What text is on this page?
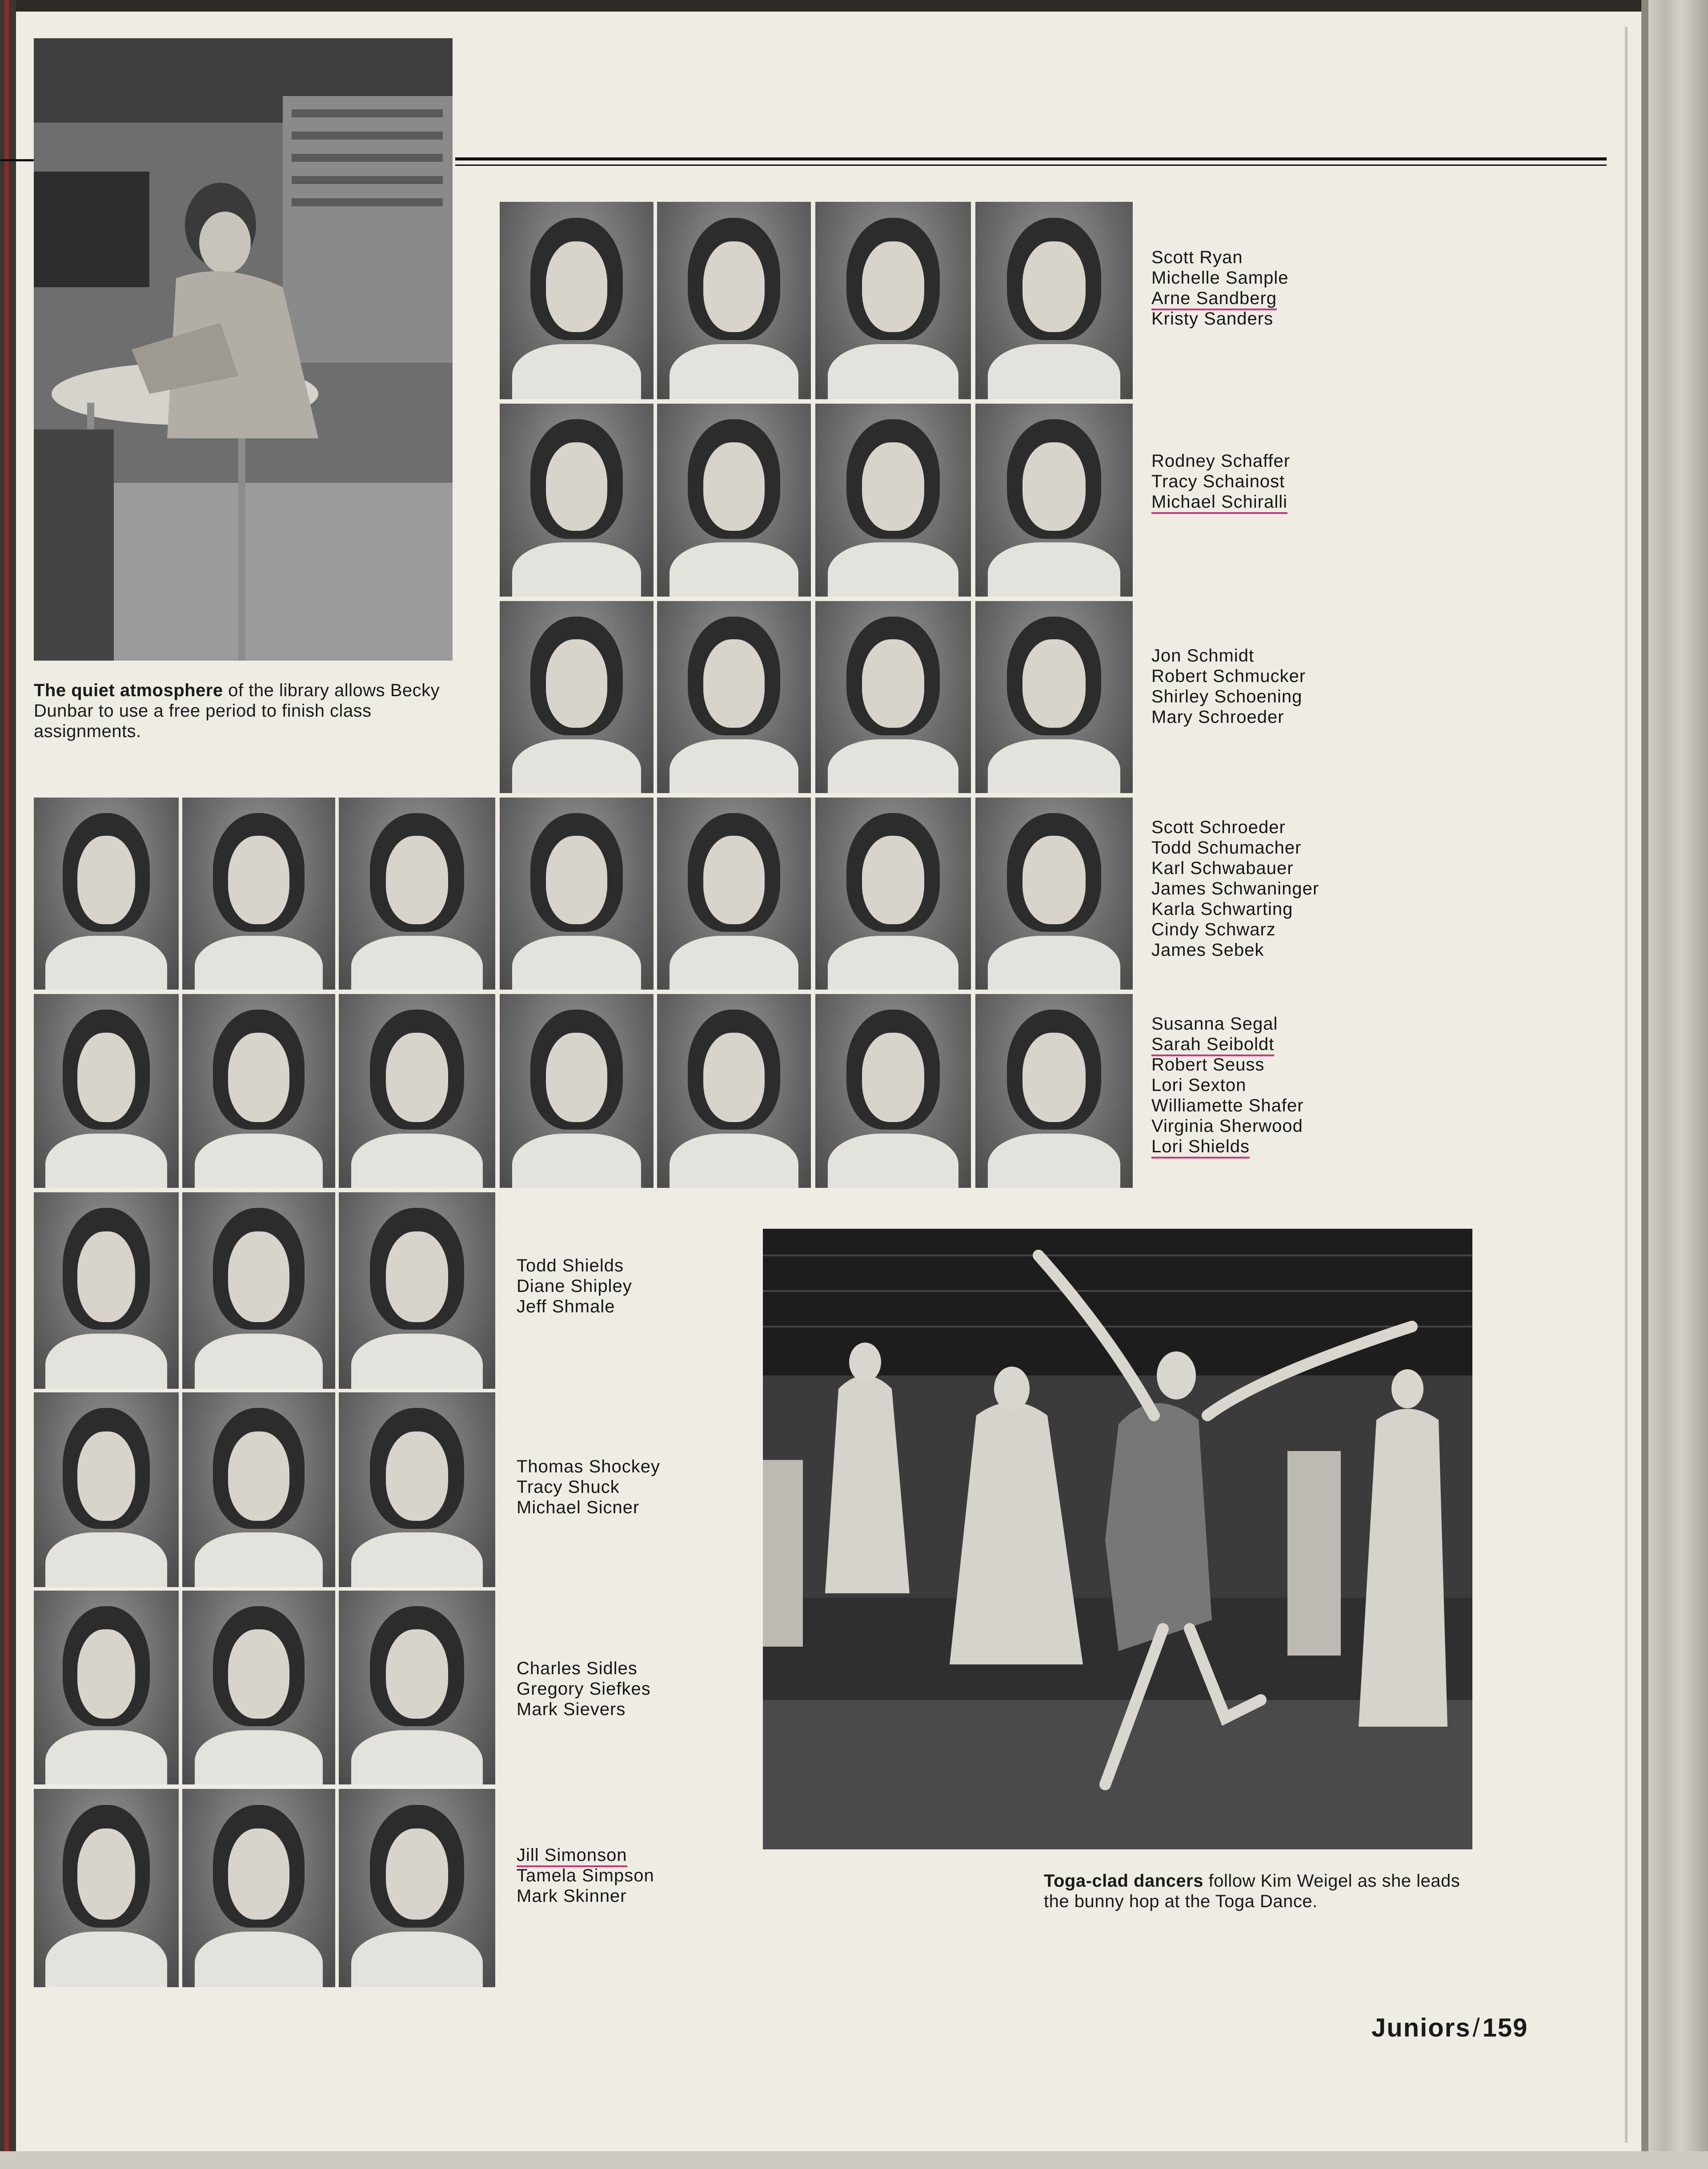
The quiet atmosphere of the library allows Becky Dunbar to use a free period to finish class assignments.
Scott Ryan
Michelle Sample
Arne Sandberg
Kristy Sanders
Rodney Schaffer
Tracy Schainost
Michael Schiralli
Jon Schmidt
Robert Schmucker
Shirley Schoening
Mary Schroeder
Scott Schroeder
Todd Schumacher
Karl Schwabauer
James Schwaninger
Karla Schwarting
Cindy Schwarz
James Sebek
Susanna Segal
Sarah Seiboldt
Robert Seuss
Lori Sexton
Williamette Shafer
Virginia Sherwood
Lori Shields
Todd Shields
Diane Shipley
Jeff Shmale
Thomas Shockey
Tracy Shuck
Michael Sicner
Charles Sidles
Gregory Siefkes
Mark Sievers
Jill Simonson
Tamela Simpson
Mark Skinner
Toga-clad dancers follow Kim Weigel as she leads the bunny hop at the Toga Dance.
Juniors/159
